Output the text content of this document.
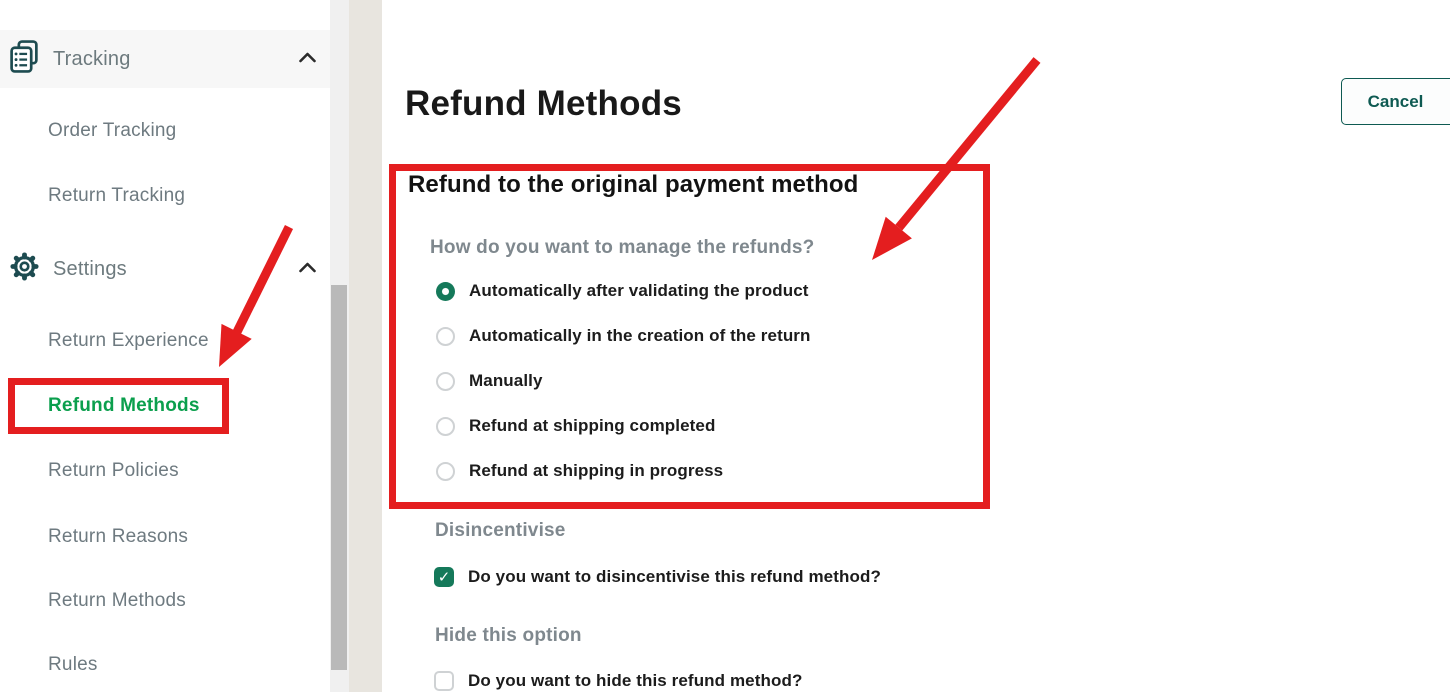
Tracking
Order Tracking
Return Tracking
Settings
Return Experience
Refund Methods
Return Policies
Return Reasons
Return Methods
Rules
Refund Methods	Cancel
Refund to the original payment method
How do you want to manage the refunds?
Automatically after validating the product
Automatically in the creation of the return
Manually
Refund at shipping completed
Refund at shipping in progress
Disincentivise
✓ Do you want to disincentivise this refund method?
Hide this option
Do you want to hide this refund method?
